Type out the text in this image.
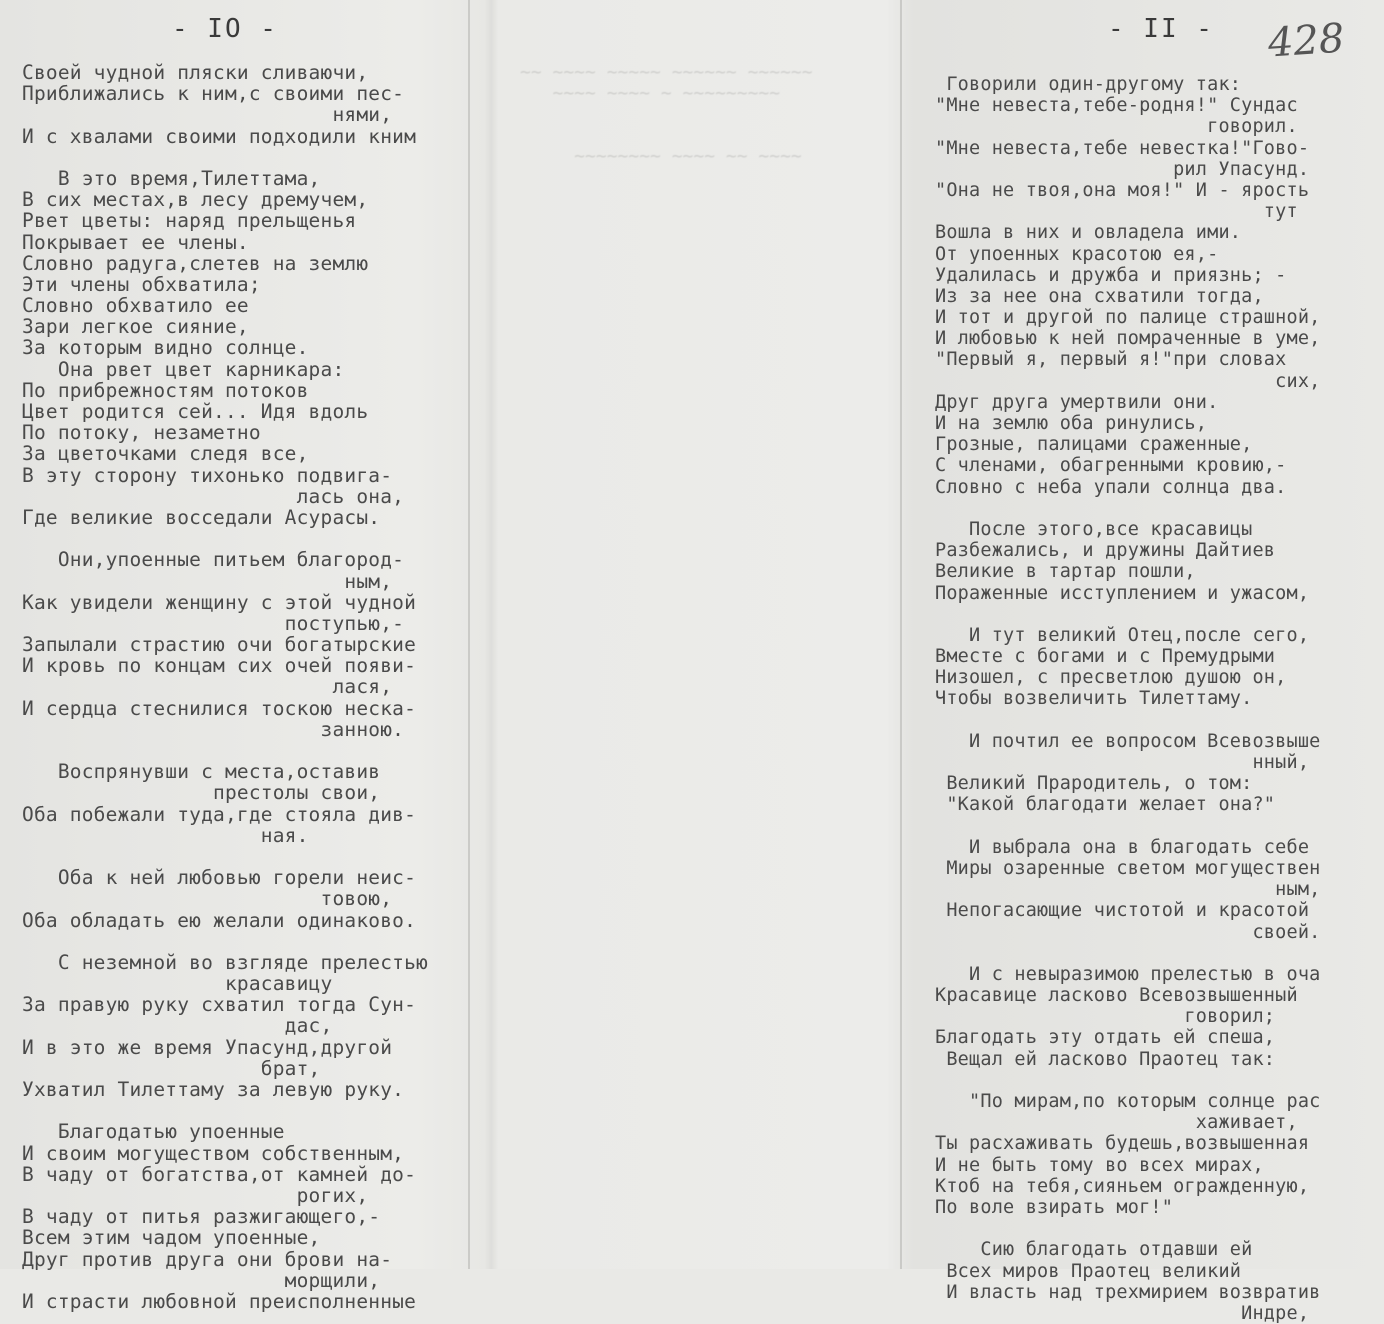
~~ ~~~~ ~~~~~ ~~~~~~ ~~~~~~
~~~~ ~~~~ ~ ~~~~~~~~~

~~~~~~~~ ~~~~ ~~ ~~~~
- IO -	- II - 428
Своей чудной пляски сливаючи,
Приближались к ним,с своими пес-
нями,
И с хвалами своими подходили кним
В это время,Тилеттама,
В сих местах,в лесу дремучем,
Рвет цветы: наряд прельщенья
Покрывает ее члены.
Словно радуга,слетев на землю
Эти члены обхватила;
Словно обхватило ее
Зари легкое сияние,
За которым видно солнце.
Она рвет цвет карникара:
По прибрежностям потоков
Цвет родится сей... Идя вдоль
По потоку, незаметно
За цветочками следя все,
В эту сторону тихонько подвига-
лась она,
Где великие восседали Асурасы.
Они,упоенные питьем благород-
ным,
Как увидели женщину с этой чудной
поступью,-
Запылали страстию очи богатырские
И кровь по концам сих очей появи-
лася,
И сердца стеснилися тоскою неска-
занною.
Воспрянувши с места,оставив
престолы свои,
Оба побежали туда,где стояла див-
ная.
Оба к ней любовью горели неис-
товою,
Оба обладать ею желали одинаково.
С неземной во взгляде прелестью
красавицу
За правую руку схватил тогда Сун-
дас,
И в это же время Упасунд,другой
брат,
Ухватил Тилеттаму за левую руку.
Благодатью упоенные
И своим могуществом собственным,
В чаду от богатства,от камней до-
рогих,
В чаду от питья разжигающего,-
Всем этим чадом упоенные,
Друг против друга они брови на-
морщили,
И страсти любовной преисполненные
Говорили один-другому так:
"Мне невеста,тебе-родня!" Сундас
говорил.
"Мне невеста,тебе невестка!"Гово-
рил Упасунд.
"Она не твоя,она моя!" И - ярость
тут
Вошла в них и овладела ими.
От упоенных красотою ея,-
Удалилась и дружба и приязнь; -
Из за нее она схватили тогда,
И тот и другой по палице страшной,
И любовью к ней помраченные в уме,
"Первый я, первый я!"при словах
сих,
Друг друга умертвили они.
И на землю оба ринулись,
Грозные, палицами сраженные,
С членами, обагренными кровию,-
Словно с неба упали солнца два.
После этого,все красавицы
Разбежались, и дружины Дайтиев
Великие в тартар пошли,
Пораженные исступлением и ужасом,
И тут великий Отец,после сего,
Вместе с богами и с Премудрыми
Низошел, с пресветлою душою он,
Чтобы возвеличить Тилеттаму.
И почтил ее вопросом Всевозвыше
нный,
Великий Прародитель, о том:
"Какой благодати желает она?"
И выбрала она в благодать себе
Миры озаренные светом могуществен
ным,
Непогасающие чистотой и красотой
своей.
И с невыразимою прелестью в оча
Красавице ласково Всевозвышенный
говорил;
Благодать эту отдать ей спеша,
Вещал ей ласково Праотец так:
"По мирам,по которым солнце рас
хаживает,
Ты расхаживать будешь,возвышенная
И не быть тому во всех мирах,
Ктоб на тебя,сияньем огражденную,
По воле взирать мог!"
Сию благодать отдавши ей
Всех миров Праотец великий
И власть над трехмирием возвратив
Индре,
